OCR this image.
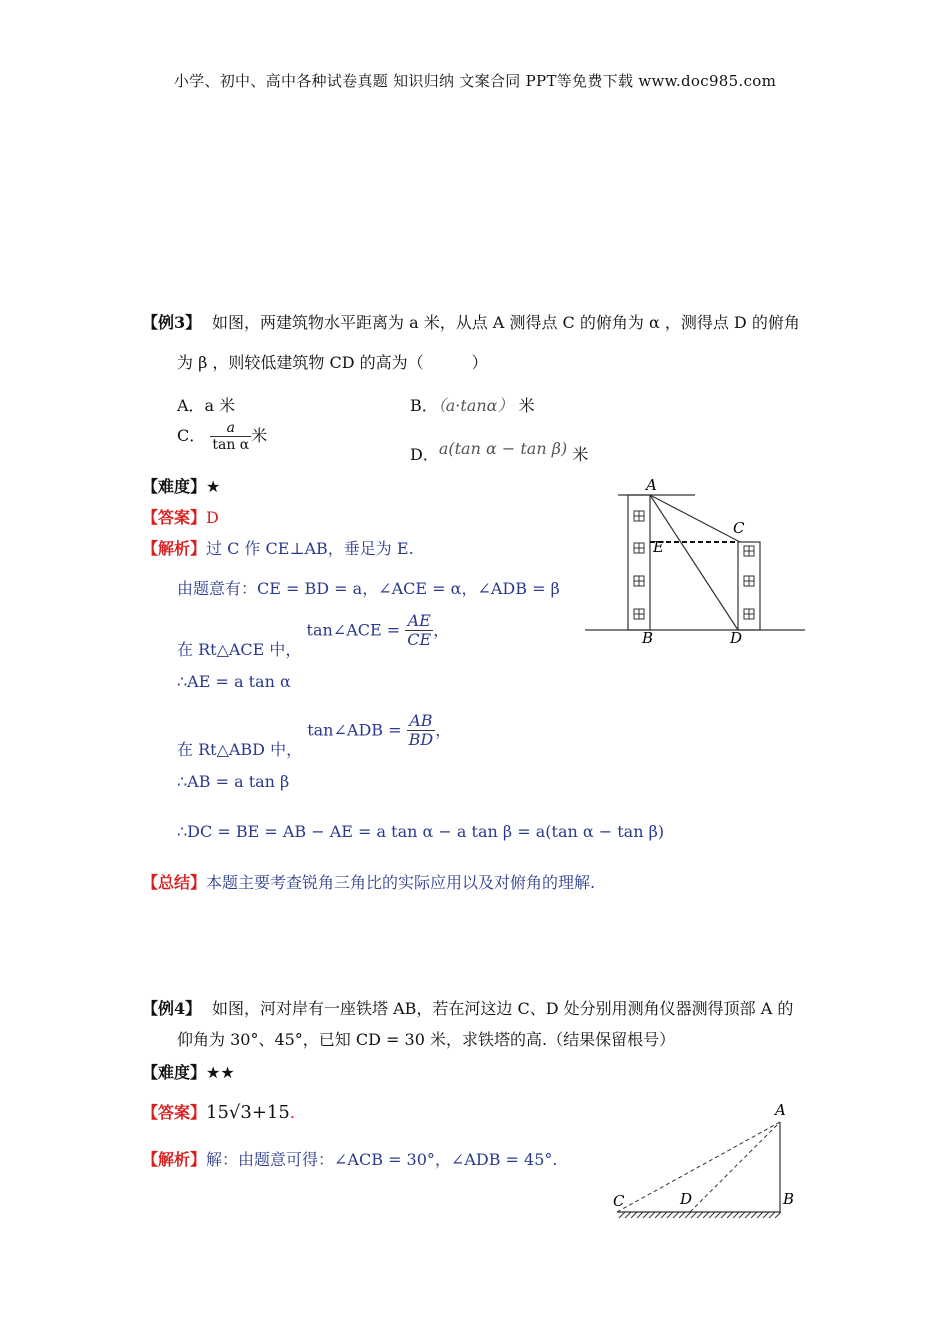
小学、初中、高中各种试卷真题 知识归纳 文案合同 PPT等免费下载 www.doc985.com
【例3】 如图，两建筑物水平距离为 a 米，从点 A 测得点 C 的俯角为 α ，测得点 D 的俯角
为 β ，则较低建筑物 CD 的高为（　　　）
A．a 米	B．（a·tanα） 米
C． $\frac{a}{\text{tan α}}$ 米
D．a(tan α − tan β) 米
【难度】★
【答案】D
【解析】过 C 作 CE⊥AB，垂足为 E.
由题意有：CE = BD = a，∠ACE = α，∠ADB = β
在 Rt△ACE 中， tan∠ACE = $\frac{AE}{CE}$ ，
∴AE = a tan α
在 Rt△ABD 中， tan∠ADB = $\frac{AB}{BD}$ ，
∴AB = a tan β
∴DC = BE = AB − AE = a tan α − a tan β = a(tan α − tan β)
【总结】本题主要考查锐角三角比的实际应用以及对俯角的理解.
A
B
C
D
E
【例4】 如图，河对岸有一座铁塔 AB，若在河这边 C、D 处分别用测角仪器测得顶部 A 的
仰角为 30°、45°，已知 CD = 30 米，求铁塔的高.（结果保留根号）
【难度】★★
【答案】15√3+15.
【解析】解：由题意可得：∠ACB = 30°，∠ADB = 45°.
A
B
C	D
